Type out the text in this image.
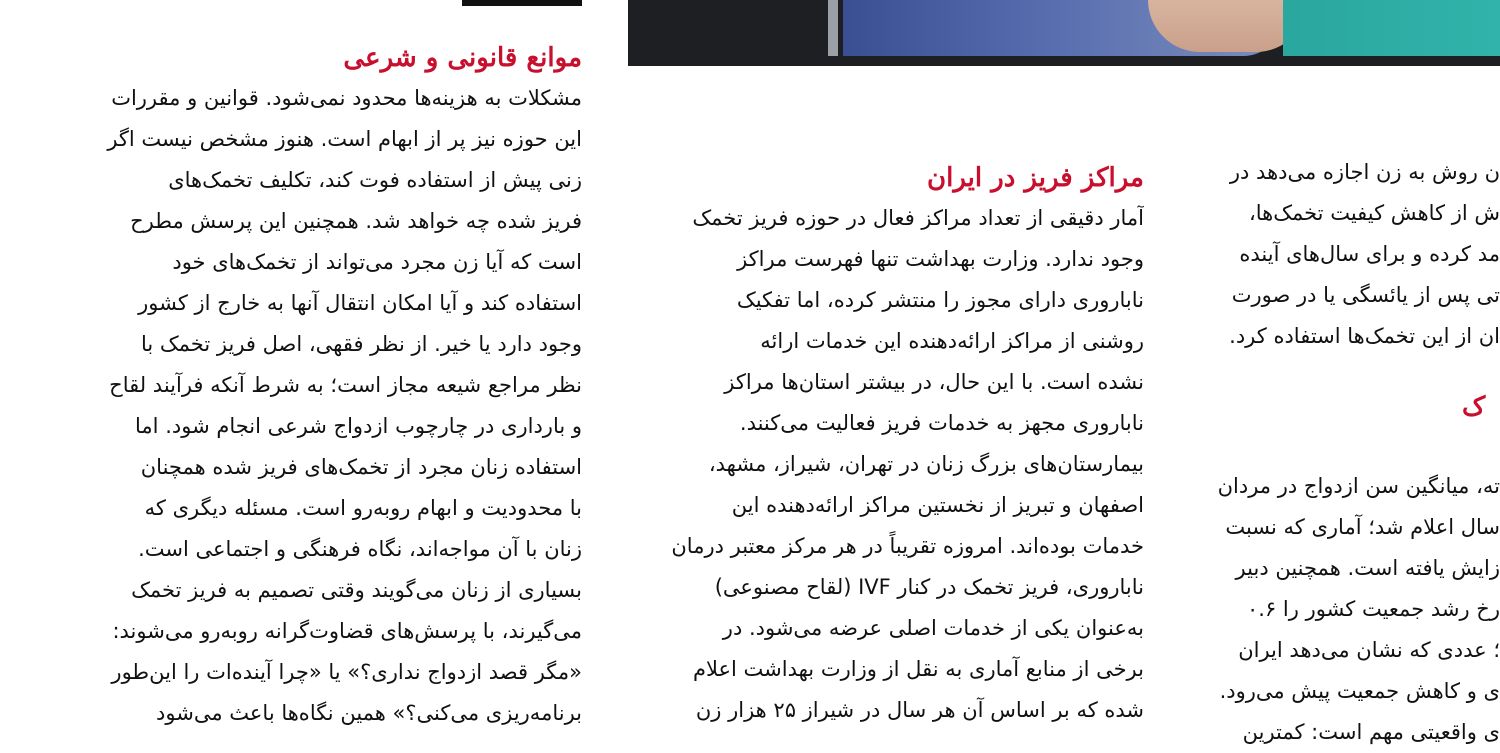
موانع قانونی و شرعی
مشکلات به هزینه‌ها محدود نمی‌شود. قوانین و مقررات
این حوزه نیز پر از ابهام است. هنوز مشخص نیست اگر
زنی پیش از استفاده فوت کند، تکلیف تخمک‌های
فریز شده چه خواهد شد. همچنین این پرسش مطرح
است که آیا زن مجرد می‌تواند از تخمک‌های خود
استفاده کند و آیا امکان انتقال آنها به خارج از کشور
وجود دارد یا خیر. از نظر فقهی، اصل فریز تخمک با
نظر مراجع شیعه مجاز است؛ به شرط آنکه فرآیند لقاح
و بارداری در چارچوب ازدواج شرعی انجام شود. اما
استفاده زنان مجرد از تخمک‌های فریز شده همچنان
با محدودیت و ابهام روبه‌رو است. مسئله دیگری که
زنان با آن مواجه‌اند، نگاه فرهنگی و اجتماعی است.
بسیاری از زنان می‌گویند وقتی تصمیم به فریز تخمک
می‌گیرند، با پرسش‌های قضاوت‌گرانه روبه‌رو می‌شوند:
«مگر قصد ازدواج نداری؟» یا «چرا آینده‌ات را این‌طور
برنامه‌ریزی می‌کنی؟» همین نگاه‌ها باعث می‌شود
مراکز فریز در ایران
آمار دقیقی از تعداد مراکز فعال در حوزه فریز تخمک
وجود ندارد. وزارت بهداشت تنها فهرست مراکز
ناباروری دارای مجوز را منتشر کرده، اما تفکیک
روشنی از مراکز ارائه‌دهنده این خدمات ارائه
نشده است. با این حال، در بیشتر استان‌ها مراکز
ناباروری مجهز به خدمات فریز فعالیت می‌کنند.
بیمارستان‌های بزرگ زنان در تهران، شیراز، مشهد،
اصفهان و تبریز از نخستین مراکز ارائه‌دهنده این
خدمات بوده‌اند. امروزه تقریباً در هر مرکز معتبر درمان
ناباروری، فریز تخمک در کنار IVF (لقاح مصنوعی)
به‌عنوان یکی از خدمات اصلی عرضه می‌شود. در
برخی از منابع آماری به نقل از وزارت بهداشت اعلام
شده که بر اساس آن هر سال در شیراز ۲۵ هزار زن
ن روش به زن اجازه می‌دهد در
ش از کاهش کیفیت تخمک‌ها،
مد کرده و برای سال‌های آینده
تی پس از یائسگی یا در صورت
ان از این تخمک‌ها استفاده کرد.
ته، میانگین سن ازدواج در مردان
سال اعلام شد؛ آماری که نسبت
زایش یافته است. همچنین دبیر
رخ رشد جمعیت کشور را ۰.۶
؛ عددی که نشان می‌دهد ایران
ی و کاهش جمعیت پیش می‌رود.
ی واقعیتی مهم است: کمترین
ک
